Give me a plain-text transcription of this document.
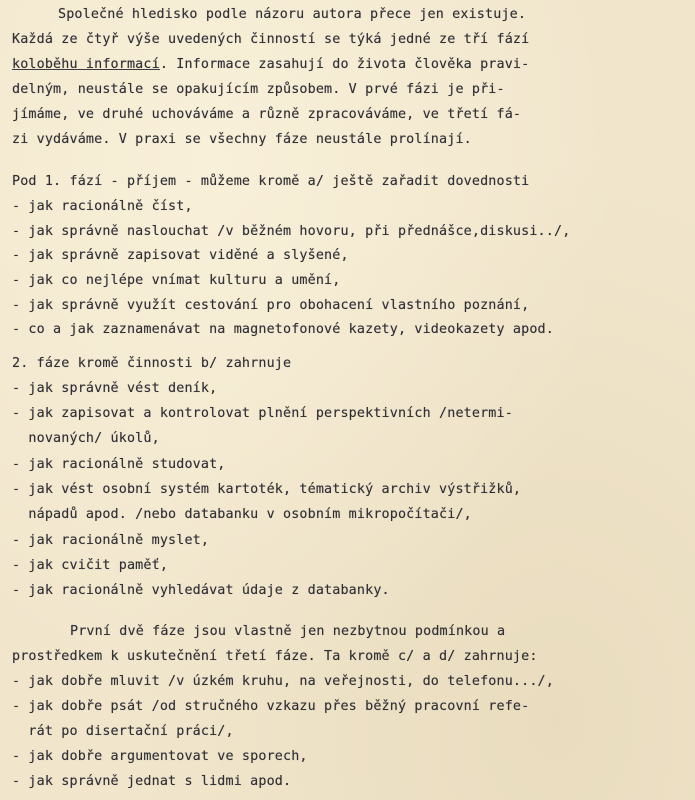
Společné hledisko podle názoru autora přece jen existuje.
Každá ze čtyř výše uvedených činností se týká jedné ze tří fází
koloběhu informací. Informace zasahují do života člověka pravi-
delným, neustále se opakujícím způsobem. V prvé fázi je při-
jímáme, ve druhé uchováváme a různě zpracováváme, ve třetí fá-
zi vydáváme. V praxi se všechny fáze neustále prolínají.
Pod 1. fází - příjem - můžeme kromě a/ ještě zařadit dovednosti
- jak racionálně číst,
- jak správně naslouchat /v běžném hovoru, při přednášce,diskusi../,
- jak správně zapisovat viděné a slyšené,
- jak co nejlépe vnímat kulturu a umění,
- jak správně využít cestování pro obohacení vlastního poznání,
- co a jak zaznamenávat na magnetofonové kazety, videokazety apod.
2. fáze kromě činnosti b/ zahrnuje
- jak správně vést deník,
- jak zapisovat a kontrolovat plnění perspektivních /netermi-
novaných/ úkolů,
- jak racionálně studovat,
- jak vést osobní systém kartoték, tématický archiv výstřižků,
nápadů apod. /nebo databanku v osobním mikropočítači/,
- jak racionálně myslet,
- jak cvičit paměť,
- jak racionálně vyhledávat údaje z databanky.
První dvě fáze jsou vlastně jen nezbytnou podmínkou a
prostředkem k uskutečnění třetí fáze. Ta kromě c/ a d/ zahrnuje:
- jak dobře mluvit /v úzkém kruhu, na veřejnosti, do telefonu.../,
- jak dobře psát /od stručného vzkazu přes běžný pracovní refe-
rát po disertační práci/,
- jak dobře argumentovat ve sporech,
- jak správně jednat s lidmi apod.
